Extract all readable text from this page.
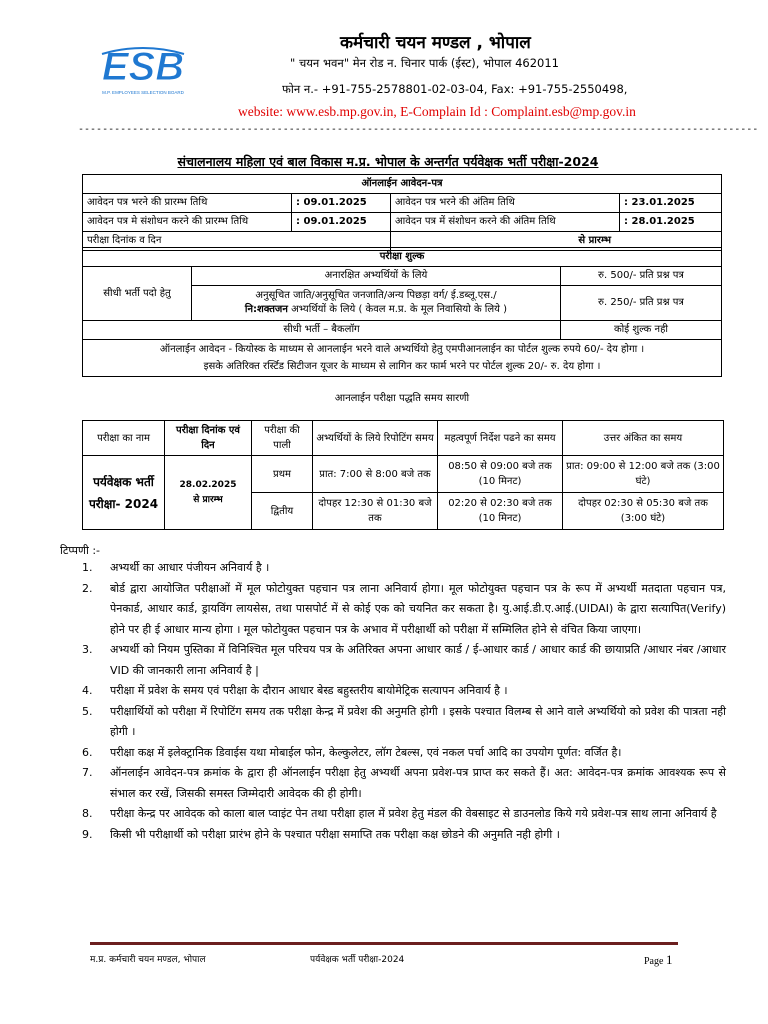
ESB
M.P. EMPLOYEES SELECTION BOARD
कर्मचारी चयन मण्डल , भोपाल
" चयन भवन" मेन रोड न. चिनार पार्क (ईस्ट), भोपाल 462011
फोन न.- +91-755-2578801-02-03-04, Fax: +91-755-2550498,
website: www.esb.mp.gov.in, E-Complain Id : Complaint.esb@mp.gov.in
-----------------------------------------------------------------------------------------------------------------
संचालनालय महिला एवं बाल विकास म.प्र. भोपाल के अन्तर्गत पर्यवेक्षक भर्ती परीक्षा-2024
ऑनलाईन आवेदन-पत्र			
आवेदन पत्र भरने की प्रारम्भ तिथि	: 09.01.2025	आवेदन पत्र भरने की अंतिम तिथि	: 23.01.2025
आवेदन पत्र मे संशोधन करने की प्रारम्भ तिथि	: 09.01.2025	आवेदन पत्र में संशोधन करने की अंतिम तिथि	: 28.01.2025
परीक्षा दिनांक व दिन		से प्रारम्भ	
परीक्षा शुल्क		
सीधी भर्ती पदो हेतु	अनारक्षित अभ्यर्थियों के लिये	रु. 500/- प्रति प्रश्न पत्र
	अनुसूचित जाति/अनुसूचित जनजाति/अन्य पिछड़ा वर्ग/ ई.डब्लू.एस./
नि:शक्तजन अभ्यर्थियों के लिये ( केवल म.प्र. के मूल निवासियो के लिये )	रु. 250/- प्रति प्रश्न पत्र
सीधी भर्ती – बैकलॉग		कोई शुल्क नही
ऑनलाईन आवेदन - कियोस्क के माध्यम से आनलाईन भरने वाले अभ्यर्थियो हेतु एमपीआनलाईन का पोर्टल शुल्क रुपये 60/- देय होगा ।
इसके अतिरिक्त रर्स्टिड सिटीजन यूजर के माध्यम से लागिन कर फार्म भरने पर पोर्टल शुल्क 20/- रु. देय होगा ।		
आनलाईन परीक्षा पद्धति समय सारणी
परीक्षा का नाम	परीक्षा दिनांक एवं दिन	परीक्षा की पाली	अभ्यर्थियों के लिये रिपोटिंग समय	महत्वपूर्ण निर्देश पढने का समय	उत्तर अंकित का समय
पर्यवेक्षक भर्ती परीक्षा- 2024	28.02.2025
से प्रारम्भ	प्रथम	प्रात: 7:00 से 8:00 बजे तक	08:50 से 09:00 बजे तक (10 मिनट)	प्रात: 09:00 से 12:00 बजे तक (3:00 घंटे)
		द्वितीय	दोपहर 12:30 से 01:30 बजे तक	02:20 से 02:30 बजे तक (10 मिनट)	दोपहर 02:30 से 05:30 बजे तक (3:00 घंटे)
टिप्पणी :-
1.	अभ्यर्थी का आधार पंजीयन अनिवार्य है ।
2.	बोर्ड द्वारा आयोजित परीक्षाओं में मूल फोटोयुक्त पहचान पत्र लाना अनिवार्य होगा। मूल फोटोयुक्त पहचान पत्र के रूप में अभ्यर्थी मतदाता पहचान पत्र, पेनकार्ड, आधार कार्ड, ड्रायविंग लायसेस, तथा पासपोर्ट में से कोई एक को चयनित कर सकता है। यु.आई.डी.ए.आई.(UIDAI) के द्वारा सत्यापित(Verify) होने पर ही ई आधार मान्य होगा । मूल फोटोयुक्त पहचान पत्र के अभाव में परीक्षार्थी को परीक्षा में सम्मिलित होने से वंचित किया जाएगा।
3.	अभ्यर्थी को नियम पुस्तिका में विनिश्चित मूल परिचय पत्र के अतिरिक्त अपना आधार कार्ड / ई-आधार कार्ड / आधार कार्ड की छायाप्रति /आधार नंबर /आधार VID की जानकारी लाना अनिवार्य है |
4.	परीक्षा में प्रवेश के समय एवं परीक्षा के दौरान आधार बेस्ड बहुस्तरीय बायोमेट्रिक सत्यापन अनिवार्य है ।
5.	परीक्षार्थियों को परीक्षा में रिपोटिंग समय तक परीक्षा केन्द्र में प्रवेश की अनुमति होगी । इसके पश्चात विलम्ब से आने वाले अभ्यर्थियो को प्रवेश की पात्रता नही होगी ।
6.	परीक्षा कक्ष में इलेक्ट्रानिक डिवाईस यथा मोबाईल फोन, केल्कुलेटर, लॉग टेबल्स, एवं नकल पर्चा आदि का उपयोग पूर्णत: वर्जित है।
7.	ऑनलाईन आवेदन-पत्र क्रमांक के द्वारा ही ऑनलाईन परीक्षा हेतु अभ्यर्थी अपना प्रवेश-पत्र प्राप्त कर सकते हैं। अत: आवेदन-पत्र क्रमांक आवश्यक रूप से संभाल कर रखें, जिसकी समस्त जिम्मेदारी आवेदक की ही होगी।
8.	परीक्षा केन्द्र पर आवेदक को काला बाल प्वाइंट पेन तथा परीक्षा हाल में प्रवेश हेतु मंडल की वेबसाइट से डाउनलोड किये गये प्रवेश-पत्र साथ लाना अनिवार्य है
9.	किसी भी परीक्षार्थी को परीक्षा प्रारंभ होने के पश्चात परीक्षा समाप्ति तक परीक्षा कक्ष छोडने की अनुमति नही होगी ।
म.प्र. कर्मचारी चयन मण्डल, भोपाल	पर्यवेक्षक भर्ती परीक्षा-2024	Page 1
